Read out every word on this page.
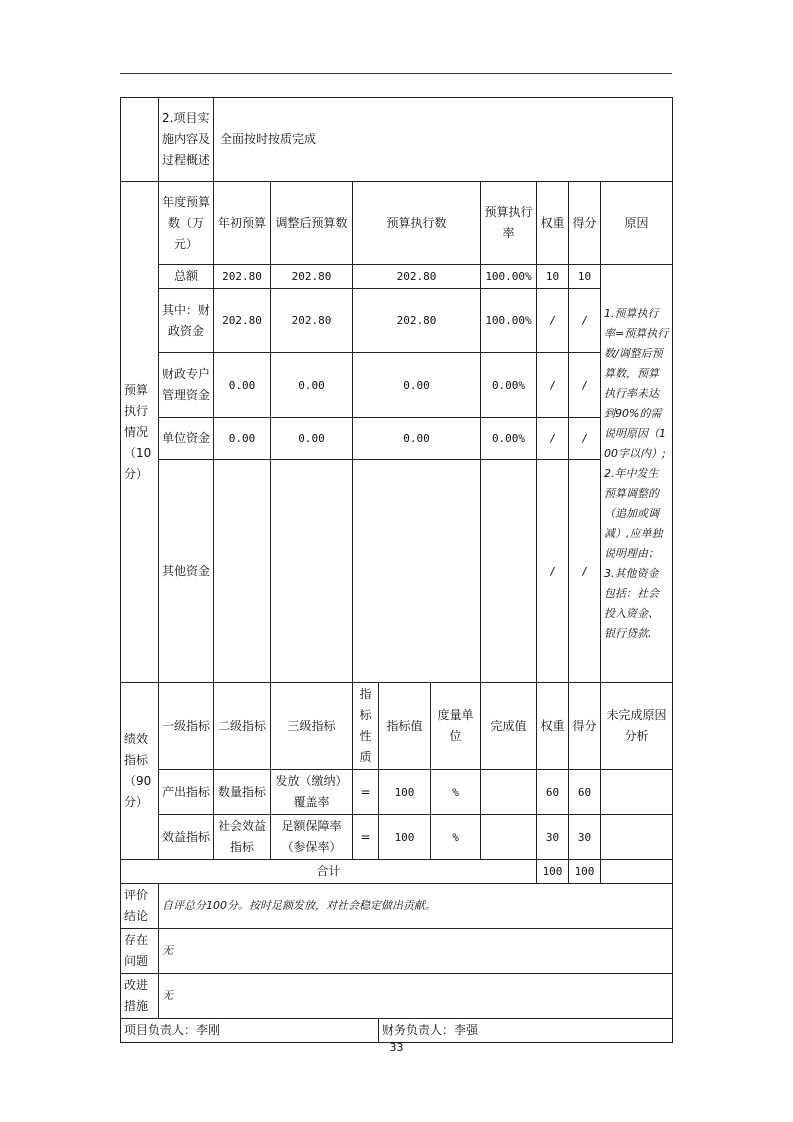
	2.项目实施内容及过程概述	全面按时按质完成								
预算执行情况（10分）	年度预算数（万元）	年初预算	调整后预算数	预算执行数			预算执行率	权重	得分	原因
	总额	202.80	202.80	202.80			100.00%	10	10	1.预算执行率=预算执行数/调整后预算数，预算执行率未达到90%的需说明原因（100字以内）;2.年中发生预算调整的（追加或调减）,应单独说明理由；3.其他资金包括：社会投入资金、银行贷款.
	其中：财政资金	202.80	202.80	202.80			100.00%	/	/	
	财政专户管理资金	0.00	0.00	0.00			0.00%	/	/	
	单位资金	0.00	0.00	0.00			0.00%	/	/	
	其他资金							/	/	
绩效指标（90分）	一级指标	二级指标	三级指标	指标性质	指标值	度量单位	完成值	权重	得分	未完成原因分析
	产出指标	数量指标	发放（缴纳）覆盖率	=	100	%		60	60	
	效益指标	社会效益指标	足额保障率（参保率）	=	100	%		30	30	
合计								100	100	
评价结论	自评总分100分。按时足额发放，对社会稳定做出贡献。									
存在问题	无									
改进措施	无									
项目负责人：李刚					财务负责人：李强					
33
